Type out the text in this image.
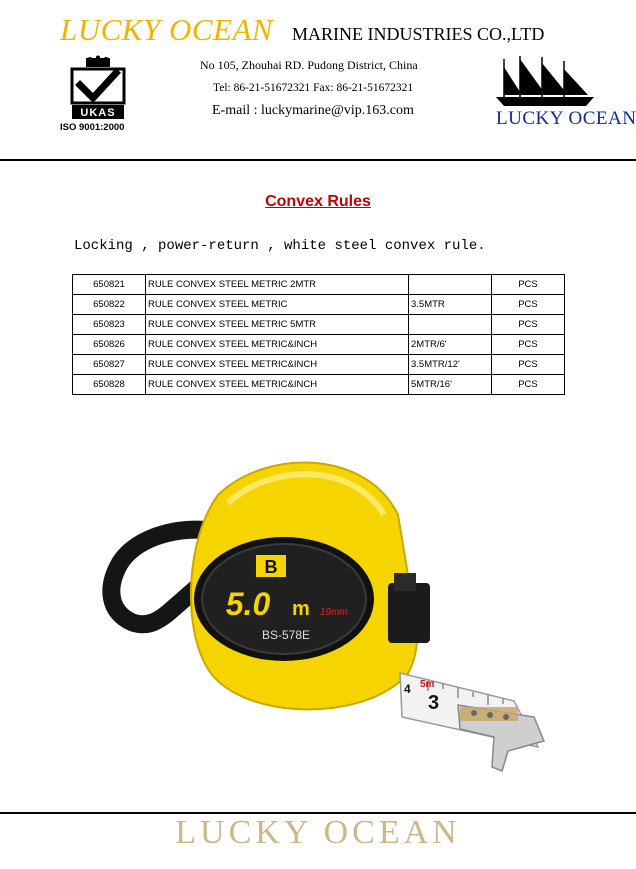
LUCKY OCEAN MARINE INDUSTRIES CO.,LTD
No 105, Zhouhai RD. Pudong District, China
Tel: 86-21-51672321 Fax: 86-21-51672321
E-mail : luckymarine@vip.163.com
UKAS
ISO 9001:2000	LUCKY OCEAN
Convex Rules
Locking , power-return , white steel convex rule.
650821	RULE CONVEX STEEL METRIC 2MTR		PCS
650822	RULE CONVEX STEEL METRIC	3.5MTR	PCS
650823	RULE CONVEX STEEL METRIC 5MTR		PCS
650826	RULE CONVEX STEEL METRIC&INCH	2MTR/6'	PCS
650827	RULE CONVEX STEEL METRIC&INCH	3.5MTR/12'	PCS
650828	RULE CONVEX STEEL METRIC&INCH	5MTR/16'	PCS
B
5.0 m 19mm
BS-578E
3
4 5m
LUCKY OCEAN
